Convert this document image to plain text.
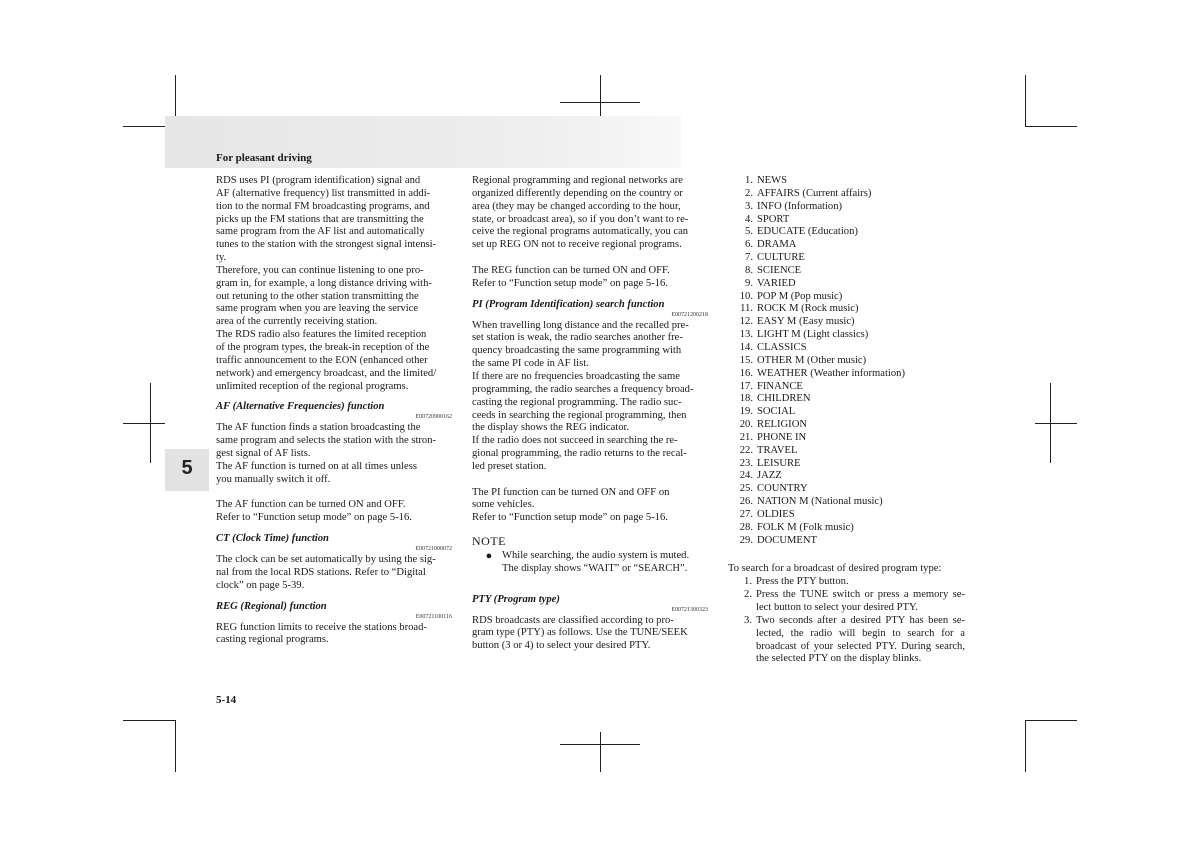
For pleasant driving
5

RDS uses PI (program identification) signal and

AF (alternative frequency) list transmitted in addi-

tion to the normal FM broadcasting programs, and

picks up the FM stations that are transmitting the

same program from the AF list and automatically

tunes to the station with the strongest signal intensi-

ty.

Therefore, you can continue listening to one pro-

gram in, for example, a long distance driving with-

out retuning to the other station transmitting the

same program when you are leaving the service

area of the currently receiving station.

The RDS radio also features the limited reception

of the program types, the break-in reception of the

traffic announcement to the EON (enhanced other

network) and emergency broadcast, and the limited/

unlimited reception of the regional programs.

AF (Alternative Frequencies) function
E00720900162

The AF function finds a station broadcasting the

same program and selects the station with the stron-

gest signal of AF lists.

The AF function is turned on at all times unless

you manually switch it off.

The AF function can be turned ON and OFF.

Refer to “Function setup mode” on page 5-16.

CT (Clock Time) function
E00721000072

The clock can be set automatically by using the sig-

nal from the local RDS stations. Refer to “Digital

clock” on page 5-39.

REG (Regional) function
E00721100116

REG function limits to receive the stations broad-

casting regional programs.

Regional programming and regional networks are

organized differently depending on the country or

area (they may be changed according to the hour,

state, or broadcast area), so if you don’t want to re-

ceive the regional programs automatically, you can

set up REG ON not to receive regional programs.

The REG function can be turned ON and OFF.

Refer to “Function setup mode” on page 5-16.

PI (Program Identification) search function
E00721200218

When travelling long distance and the recalled pre-

set station is weak, the radio searches another fre-

quency broadcasting the same programming with

the same PI code in AF list.

If there are no frequencies broadcasting the same

programming, the radio searches a frequency broad-

casting the regional programming. The radio suc-

ceeds in searching the regional programming, then

the display shows the REG indicator.

If the radio does not succeed in searching the re-

gional programming, the radio returns to the recal-

led preset station.

The PI function can be turned ON and OFF on

some vehicles.

Refer to “Function setup mode” on page 5-16.

NOTE
● While searching, the audio system is muted.

The display shows “WAIT” or “SEARCH”.

PTY (Program type)
E00721300323

RDS broadcasts are classified according to pro-

gram type (PTY) as follows. Use the TUNE/SEEK

button (3 or 4) to select your desired PTY.

1. NEWS
2. AFFAIRS (Current affairs)
3. INFO (Information)
4. SPORT
5. EDUCATE (Education)
6. DRAMA
7. CULTURE
8. SCIENCE
9. VARIED
10. POP M (Pop music)
11. ROCK M (Rock music)
12. EASY M (Easy music)
13. LIGHT M (Light classics)
14. CLASSICS
15. OTHER M (Other music)
16. WEATHER (Weather information)
17. FINANCE
18. CHILDREN
19. SOCIAL
20. RELIGION
21. PHONE IN
22. TRAVEL
23. LEISURE
24. JAZZ
25. COUNTRY
26. NATION M (National music)
27. OLDIES
28. FOLK M (Folk music)
29. DOCUMENT

To search for a broadcast of desired program type:

1. Press the PTY button.
2. Press the TUNE switch or press a memory se-lect button to select your desired PTY.
3. Two seconds after a desired PTY has been se-lected, the radio will begin to search for a broadcast of your selected PTY. During search, the selected PTY on the display blinks.
5-14
